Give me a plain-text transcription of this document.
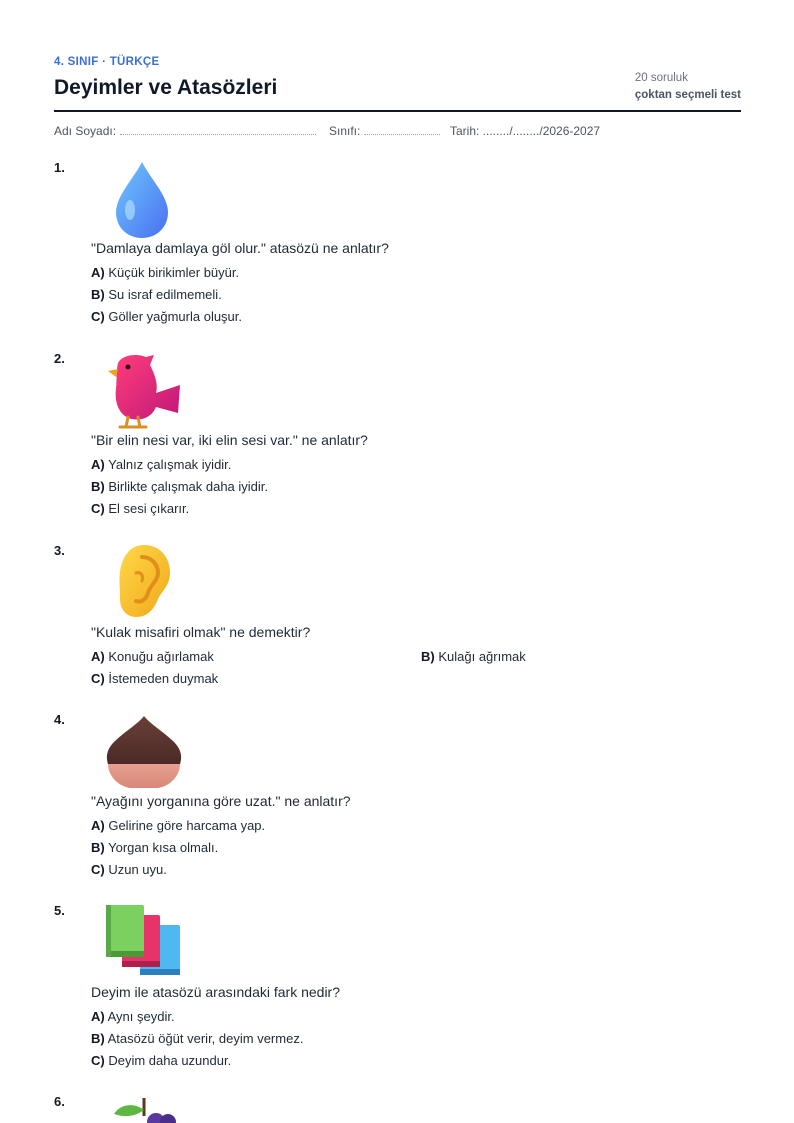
4. SINIF · TÜRKÇE
Deyimler ve Atasözleri	20 soruluk
çoktan seçmeli test
Adı Soyadı:	Sınıfı:	Tarih: ......../......../2026-2027
1.
"Damlaya damlaya göl olur." atasözü ne anlatır?
A) Küçük birikimler büyür.
B) Su israf edilmemeli.
C) Göller yağmurla oluşur.
2.
"Bir elin nesi var, iki elin sesi var." ne anlatır?
A) Yalnız çalışmak iyidir.
B) Birlikte çalışmak daha iyidir.
C) El sesi çıkarır.
3.
"Kulak misafiri olmak" ne demektir?
A) Konuğu ağırlamak	B) Kulağı ağrımak
C) İstemeden duymak
4.
"Ayağını yorganına göre uzat." ne anlatır?
A) Gelirine göre harcama yap.
B) Yorgan kısa olmalı.
C) Uzun uyu.
5.
Deyim ile atasözü arasındaki fark nedir?
A) Aynı şeydir.
B) Atasözü öğüt verir, deyim vermez.
C) Deyim daha uzundur.
6.
